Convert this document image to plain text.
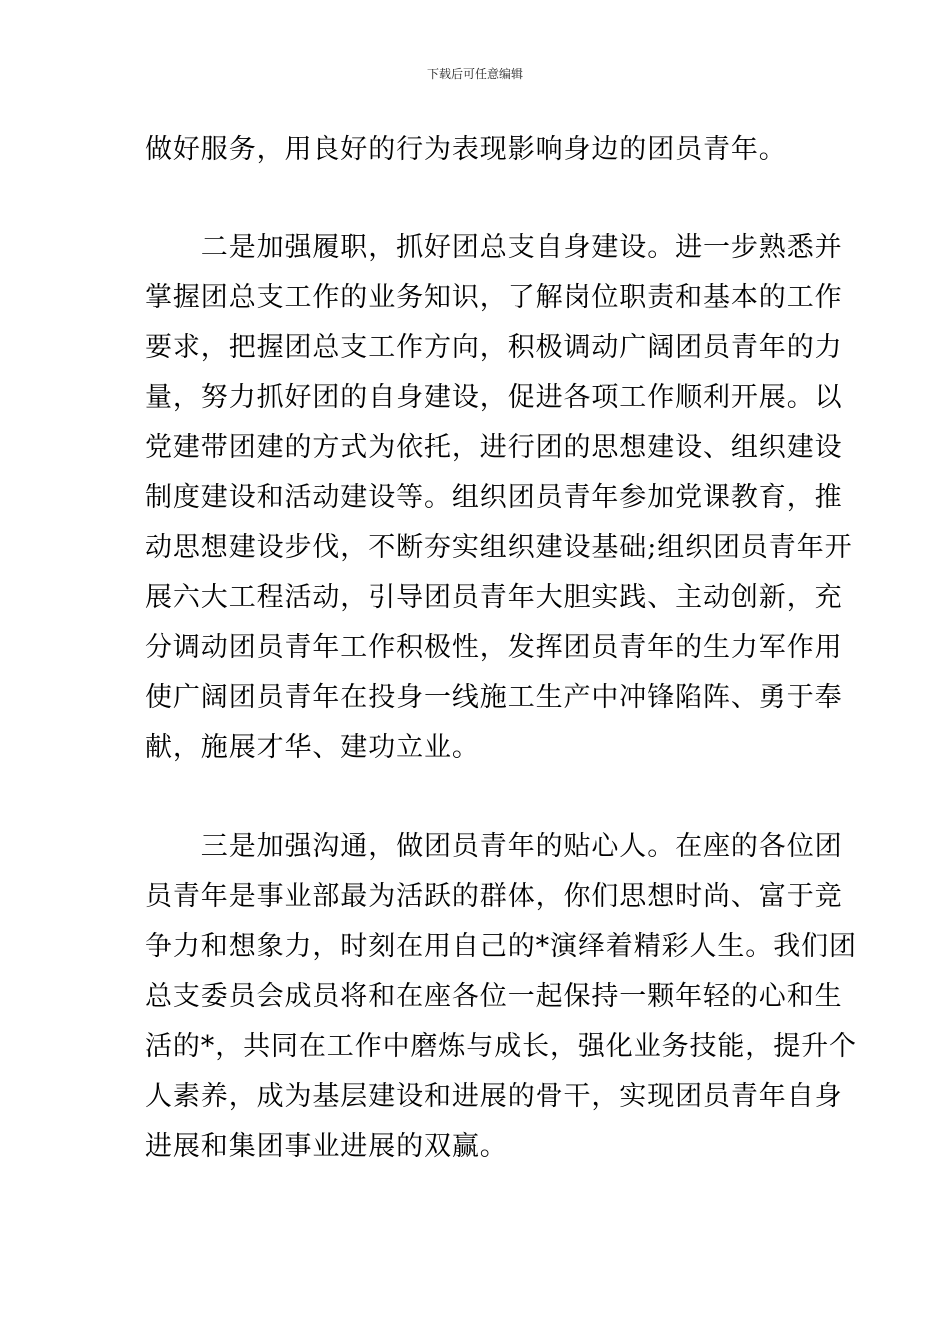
下载后可任意编辑
做好服务，用良好的行为表现影响身边的团员青年。
　　二是加强履职，抓好团总支自身建设。进一步熟悉并
掌握团总支工作的业务知识，了解岗位职责和基本的工作
要求，把握团总支工作方向，积极调动广阔团员青年的力
量，努力抓好团的自身建设，促进各项工作顺利开展。以
党建带团建的方式为依托，进行团的思想建设、组织建设
制度建设和活动建设等。组织团员青年参加党课教育，推
动思想建设步伐，不断夯实组织建设基础;组织团员青年开
展六大工程活动，引导团员青年大胆实践、主动创新，充
分调动团员青年工作积极性，发挥团员青年的生力军作用
使广阔团员青年在投身一线施工生产中冲锋陷阵、勇于奉
献，施展才华、建功立业。
　　三是加强沟通，做团员青年的贴心人。在座的各位团
员青年是事业部最为活跃的群体，你们思想时尚、富于竞
争力和想象力，时刻在用自己的*演绎着精彩人生。我们团
总支委员会成员将和在座各位一起保持一颗年轻的心和生
活的*，共同在工作中磨炼与成长，强化业务技能，提升个
人素养，成为基层建设和进展的骨干，实现团员青年自身
进展和集团事业进展的双赢。
